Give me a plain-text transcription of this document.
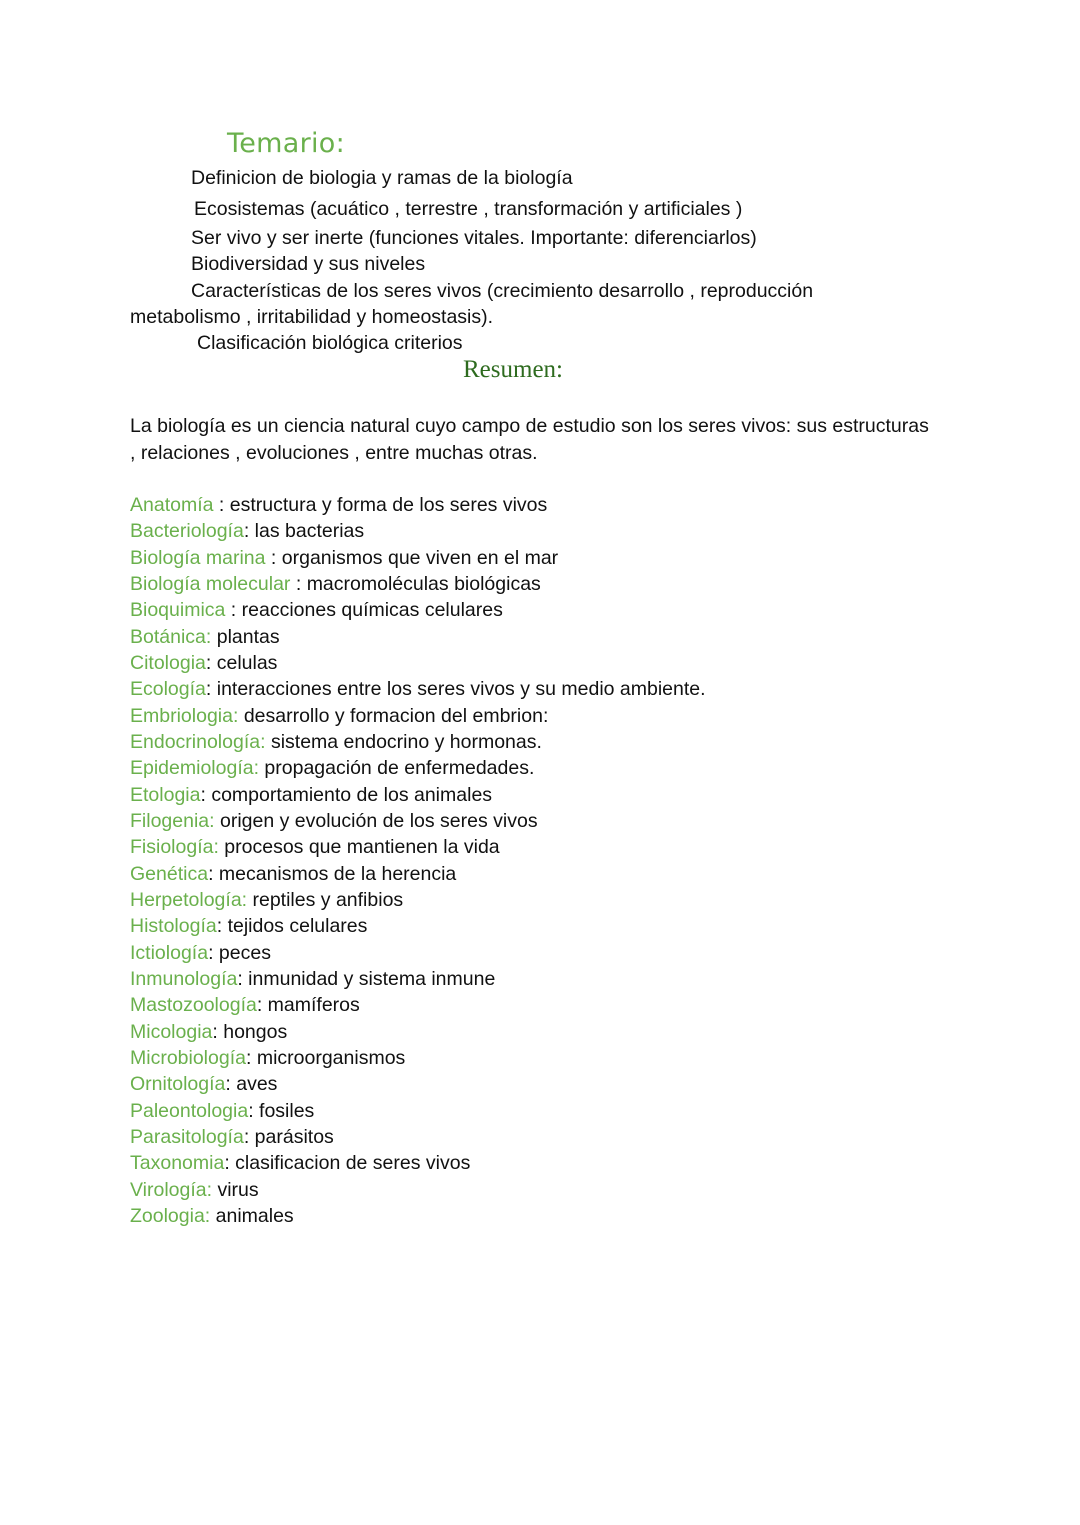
Temario:
Definicion de biologia y ramas de la biología
Ecosistemas (acuático , terrestre , transformación y artificiales )
Ser vivo y ser inerte (funciones vitales. Importante: diferenciarlos)
Biodiversidad y sus niveles
Características de los seres vivos (crecimiento desarrollo , reproducción
metabolismo , irritabilidad y homeostasis).
Clasificación biológica criterios
Resumen:
La biología es un ciencia natural cuyo campo de estudio son los seres vivos: sus estructuras
, relaciones , evoluciones , entre muchas otras.
Anatomía : estructura y forma de los seres vivos
Bacteriología: las bacterias
Biología marina : organismos que viven en el mar
Biología molecular : macromoléculas biológicas
Bioquimica : reacciones químicas celulares
Botánica: plantas
Citologia: celulas
Ecología: interacciones entre los seres vivos y su medio ambiente.
Embriologia: desarrollo y formacion del embrion:
Endocrinología: sistema endocrino y hormonas.
Epidemiología: propagación de enfermedades.
Etologia: comportamiento de los animales
Filogenia: origen y evolución de los seres vivos
Fisiología: procesos que mantienen la vida
Genética: mecanismos de la herencia
Herpetología: reptiles y anfibios
Histología: tejidos celulares
Ictiología: peces
Inmunología: inmunidad y sistema inmune
Mastozoología: mamíferos
Micologia: hongos
Microbiología: microorganismos
Ornitología: aves
Paleontologia: fosiles
Parasitología: parásitos
Taxonomia: clasificacion de seres vivos
Virología: virus
Zoologia: animales
